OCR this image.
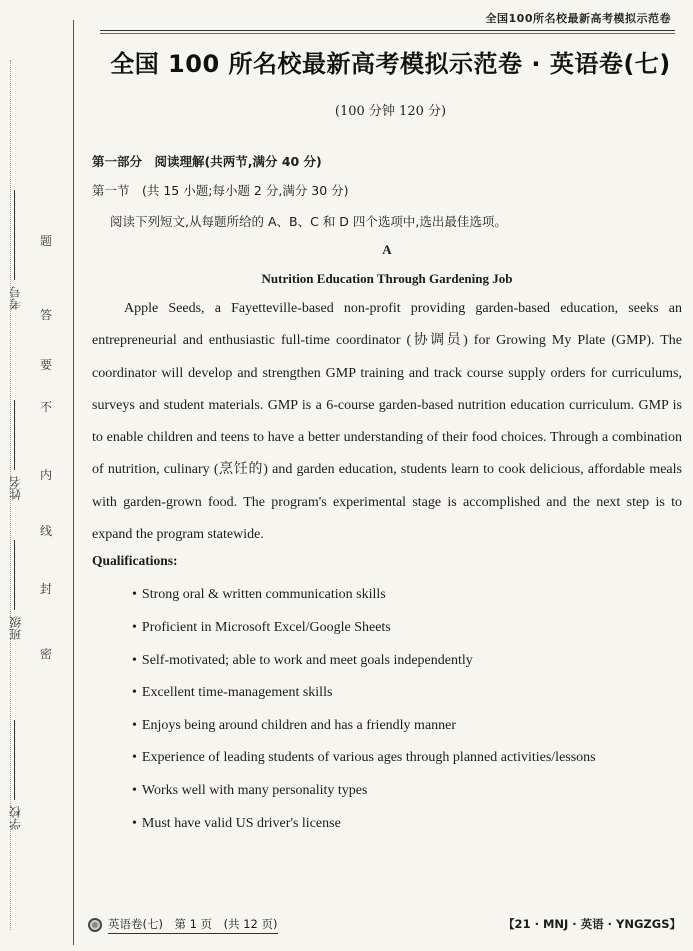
题
答
要
不
内
线
封
密
考号
姓名
班级
学校
全国100所名校最新高考模拟示范卷
全国 100 所名校最新高考模拟示范卷 · 英语卷(七)
(100 分钟 120 分)
第一部分　阅读理解(共两节,满分 40 分)
第一节　(共 15 小题;每小题 2 分,满分 30 分)
阅读下列短文,从每题所给的 A、B、C 和 D 四个选项中,选出最佳选项。
A
Nutrition Education Through Gardening Job

Apple Seeds, a Fayetteville-based non-profit providing garden-based education, seeks an entrepreneurial and enthusiastic full-time coordinator (协调员) for Growing My Plate (GMP). The coordinator will develop and strengthen GMP training and track course supply orders for curriculums, surveys and student materials. GMP is a 6-course garden-based nutrition education curriculum. GMP is to enable children and teens to have a better understanding of their food choices. Through a combination of nutrition, culinary (烹饪的) and garden education, students learn to cook delicious, affordable meals with garden-grown food. The program's experimental stage is accomplished and the next step is to expand the program statewide.

Qualifications:
• Strong oral & written communication skills
• Proficient in Microsoft Excel/Google Sheets
• Self-motivated; able to work and meet goals independently
• Excellent time-management skills
• Enjoys being around children and has a friendly manner
• Experience of leading students of various ages through planned activities/lessons
• Works well with many personality types
• Must have valid US driver's license
英语卷(七)　第 1 页　(共 12 页)	【21 · MNJ · 英语 · YNGZGS】
